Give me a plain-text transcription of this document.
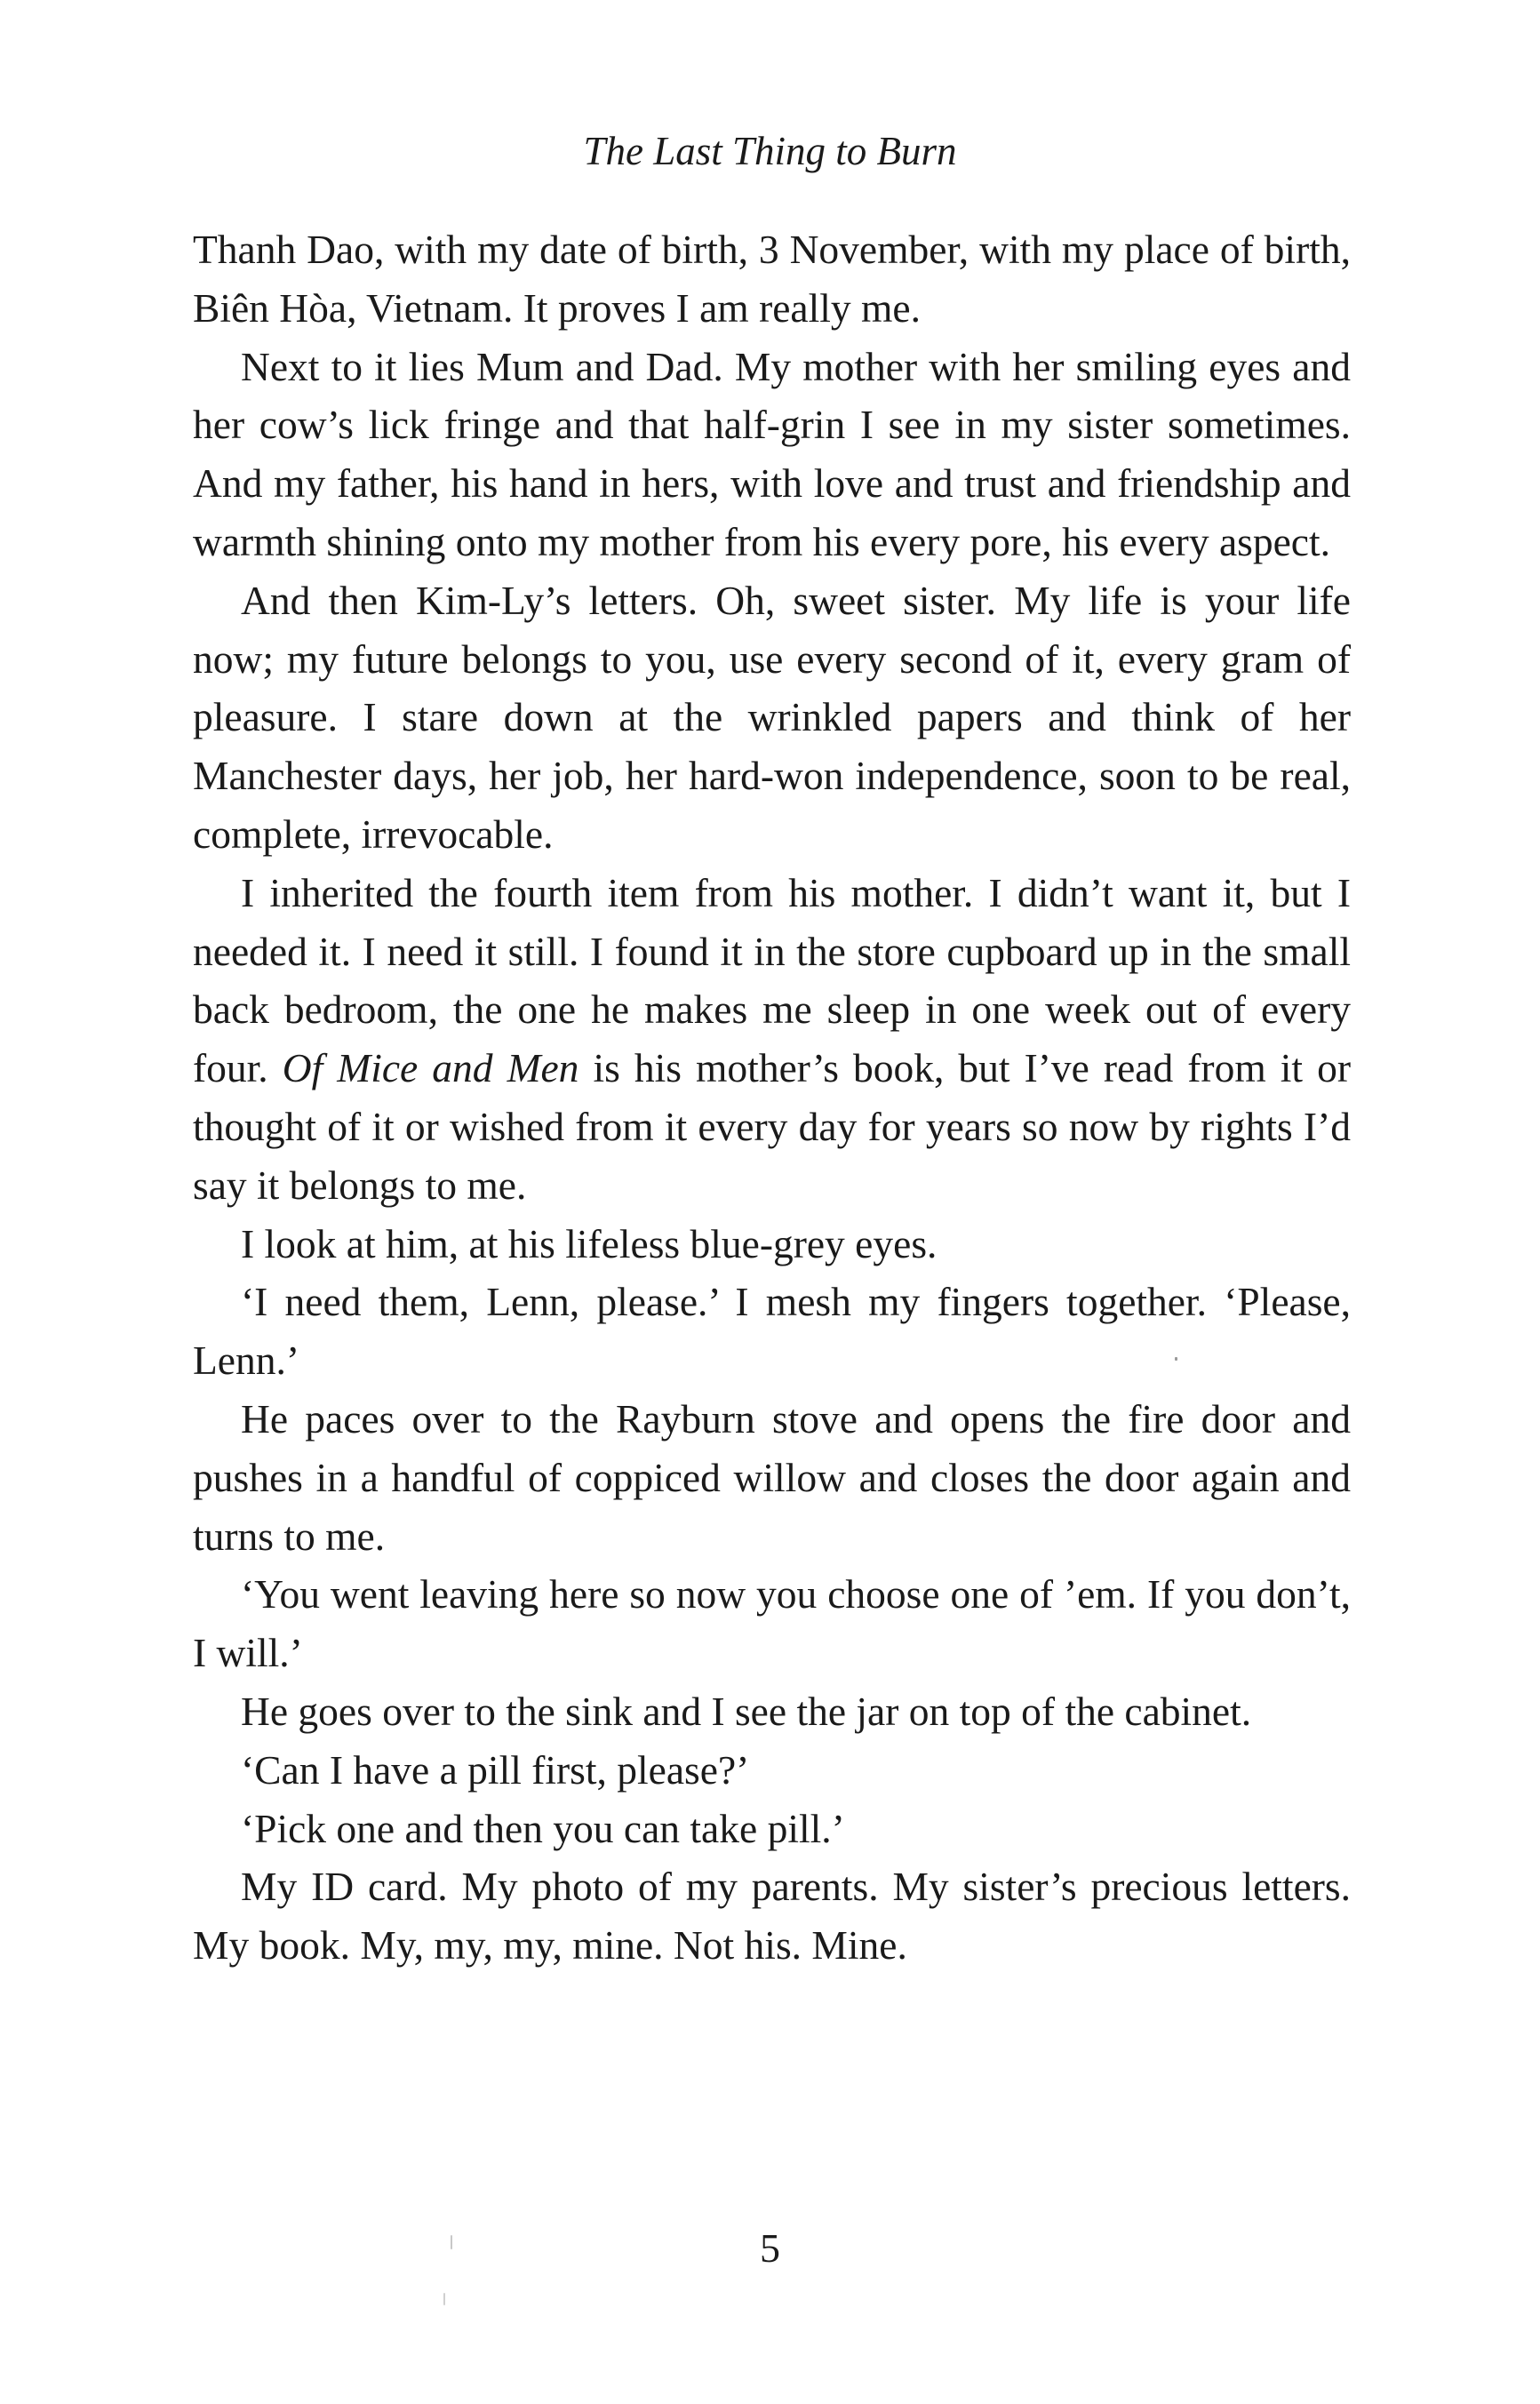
The Last Thing to Burn

Thanh Dao, with my date of birth, 3 November, with my place of birth, Biên Hòa, Vietnam. It proves I am really me.

Next to it lies Mum and Dad. My mother with her smiling eyes and her cow’s lick fringe and that half-grin I see in my sister sometimes. And my father, his hand in hers, with love and trust and friendship and warmth shining onto my mother from his every pore, his every aspect.

And then Kim-Ly’s letters. Oh, sweet sister. My life is your life now; my future belongs to you, use every second of it, every gram of pleasure. I stare down at the wrinkled papers and think of her Manchester days, her job, her hard-won independence, soon to be real, complete, irrevocable.

I inherited the fourth item from his mother. I didn’t want it, but I needed it. I need it still. I found it in the store cupboard up in the small back bedroom, the one he makes me sleep in one week out of every four. Of Mice and Men is his mother’s book, but I’ve read from it or thought of it or wished from it every day for years so now by rights I’d say it belongs to me.

I look at him, at his lifeless blue-grey eyes.

‘I need them, Lenn, please.’ I mesh my fingers together. ‘Please, Lenn.’

He paces over to the Rayburn stove and opens the fire door and pushes in a handful of coppiced willow and closes the door again and turns to me.

‘You went leaving here so now you choose one of ’em. If you don’t, I will.’

He goes over to the sink and I see the jar on top of the cabinet.

‘Can I have a pill first, please?’

‘Pick one and then you can take pill.’

My ID card. My photo of my parents. My sister’s precious letters. My book. My, my, my, mine. Not his. Mine.

5
